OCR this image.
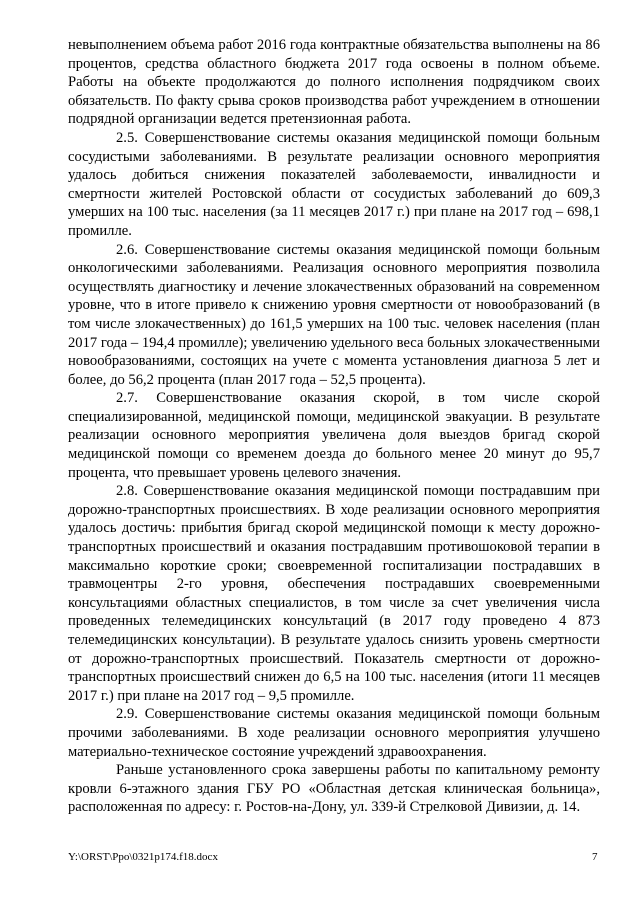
невыполнением объема работ 2016 года контрактные обязательства выполнены на 86 процентов, средства областного бюджета 2017 года освоены в полном объеме. Работы на объекте продолжаются до полного исполнения подрядчиком своих обязательств. По факту срыва сроков производства работ учреждением в отношении подрядной организации ведется претензионная работа.

2.5. Совершенствование системы оказания медицинской помощи больным сосудистыми заболеваниями. В результате реализации основного мероприятия удалось добиться снижения показателей заболеваемости, инвалидности и смертности жителей Ростовской области от сосудистых заболеваний до 609,3 умерших на 100 тыс. населения (за 11 месяцев 2017 г.) при плане на 2017 год – 698,1 промилле.

2.6. Совершенствование системы оказания медицинской помощи больным онкологическими заболеваниями. Реализация основного мероприятия позволила осуществлять диагностику и лечение злокачественных образований на современном уровне, что в итоге привело к снижению уровня смертности от новообразований (в том числе злокачественных) до 161,5 умерших на 100 тыс. человек населения (план 2017 года – 194,4 промилле); увеличению удельного веса больных злокачественными новообразованиями, состоящих на учете с момента установления диагноза 5 лет и более, до 56,2 процента (план 2017 года – 52,5 процента).

2.7. Совершенствование оказания скорой, в том числе скорой специализированной, медицинской помощи, медицинской эвакуации. В результате реализации основного мероприятия увеличена доля выездов бригад скорой медицинской помощи со временем доезда до больного менее 20 минут до 95,7 процента, что превышает уровень целевого значения.

2.8. Совершенствование оказания медицинской помощи пострадавшим при дорожно-транспортных происшествиях. В ходе реализации основного мероприятия удалось достичь: прибытия бригад скорой медицинской помощи к месту дорожно-транспортных происшествий и оказания пострадавшим противошоковой терапии в максимально короткие сроки; своевременной госпитализации пострадавших в травмоцентры 2-го уровня, обеспечения пострадавших своевременными консультациями областных специалистов, в том числе за счет увеличения числа проведенных телемедицинских консультаций (в 2017 году проведено 4 873 телемедицинских консультации). В результате удалось снизить уровень смертности от дорожно-транспортных происшествий. Показатель смертности от дорожно-транспортных происшествий снижен до 6,5 на 100 тыс. населения (итоги 11 месяцев 2017 г.) при плане на 2017 год – 9,5 промилле.

2.9. Совершенствование системы оказания медицинской помощи больным прочими заболеваниями. В ходе реализации основного мероприятия улучшено материально-техническое состояние учреждений здравоохранения.

Раньше установленного срока завершены работы по капитальному ремонту кровли 6-этажного здания ГБУ РО «Областная детская клиническая больница», расположенная по адресу: г. Ростов-на-Дону, ул. 339-й Стрелковой Дивизии, д. 14.

Y:\ORST\Ppo\0321p174.f18.docx	7
